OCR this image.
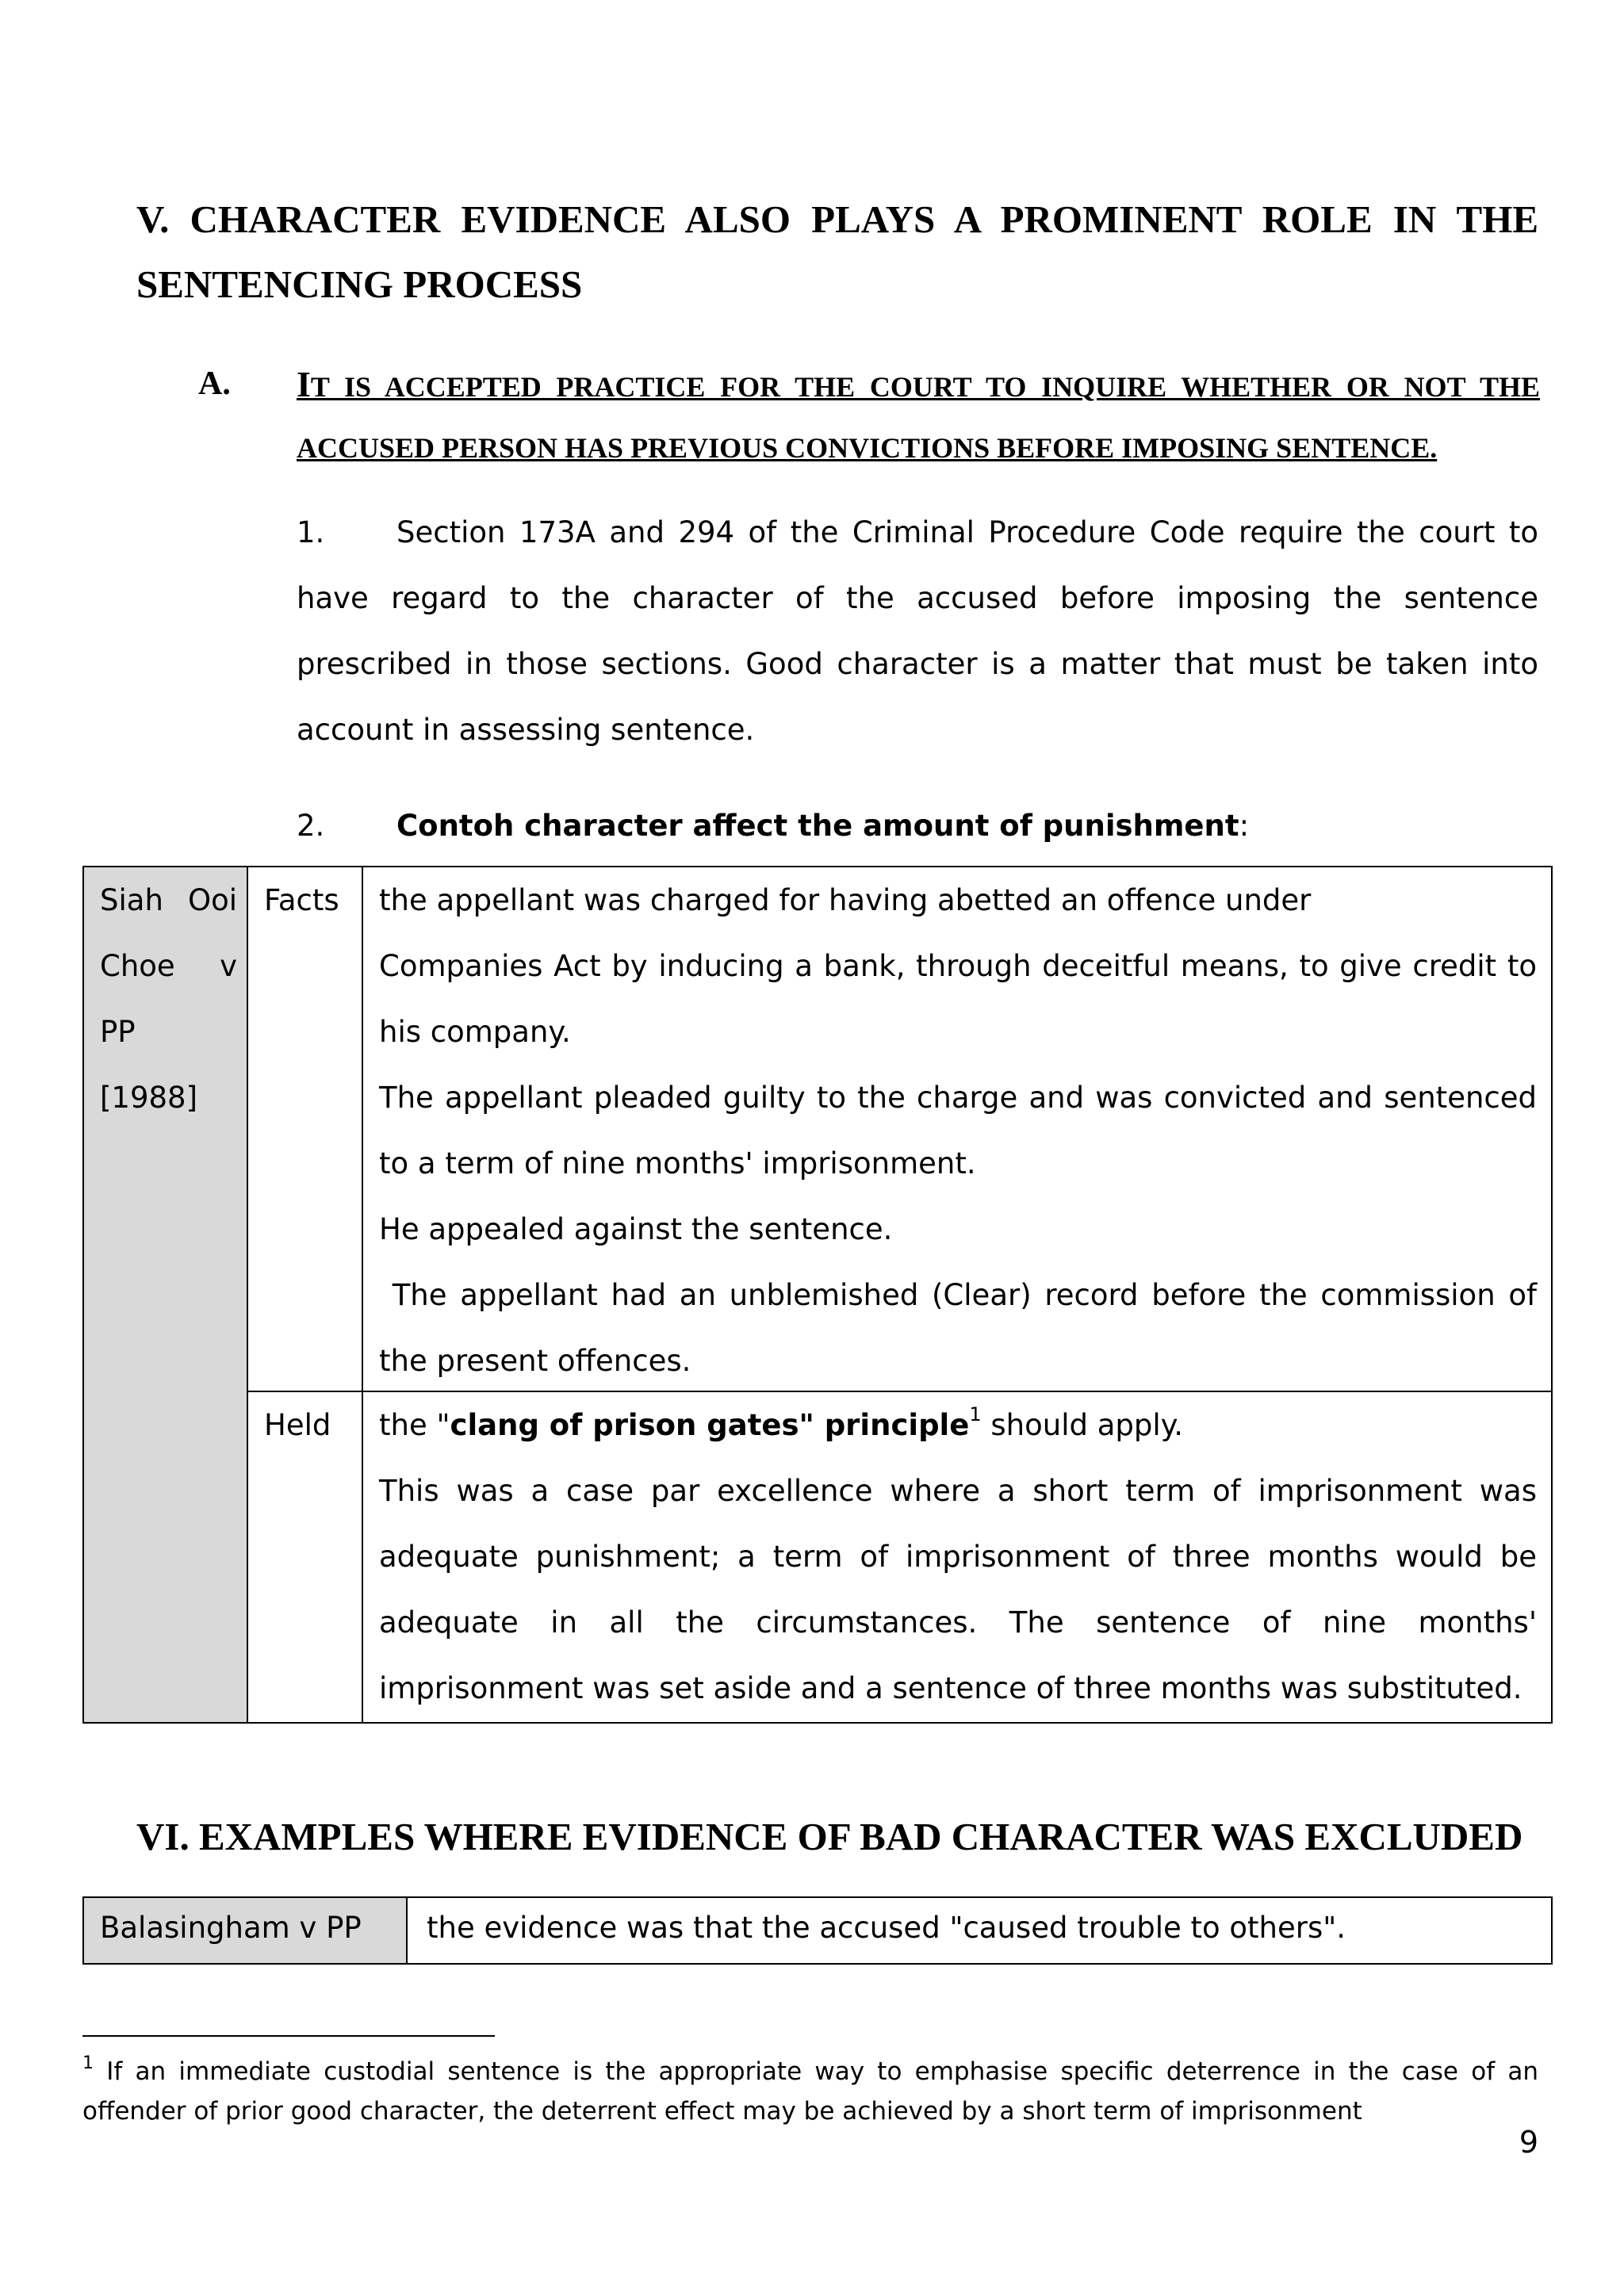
V. CHARACTER EVIDENCE ALSO PLAYS A PROMINENT ROLE IN THE SENTENCING PROCESS
A. IT IS ACCEPTED PRACTICE FOR THE COURT TO INQUIRE WHETHER OR NOT THE ACCUSED PERSON HAS PREVIOUS CONVICTIONS BEFORE IMPOSING SENTENCE.
1. Section 173A and 294 of the Criminal Procedure Code require the court to have regard to the character of the accused before imposing the sentence prescribed in those sections. Good character is a matter that must be taken into account in assessing sentence.
2. Contoh character affect the amount of punishment:
Siah Ooi
Choe v
PP
[1988]
Facts	the appellant was charged for having abetted an offence under
Companies Act by inducing a bank, through deceitful means, to give credit to his company.
The appellant pleaded guilty to the charge and was convicted and sentenced to a term of nine months' imprisonment.
He appealed against the sentence.
The appellant had an unblemished (Clear) record before the commission of the present offences.
Held	the "clang of prison gates" principle$^1$ should apply.
This was a case par excellence where a short term of imprisonment was adequate punishment; a term of imprisonment of three months would be adequate in all the circumstances. The sentence of nine months' imprisonment was set aside and a sentence of three months was substituted.
VI. EXAMPLES WHERE EVIDENCE OF BAD CHARACTER WAS EXCLUDED
Balasingham v PP	the evidence was that the accused "caused trouble to others".
$^1$ If an immediate custodial sentence is the appropriate way to emphasise specific deterrence in the case of an offender of prior good character, the deterrent effect may be achieved by a short term of imprisonment
9
